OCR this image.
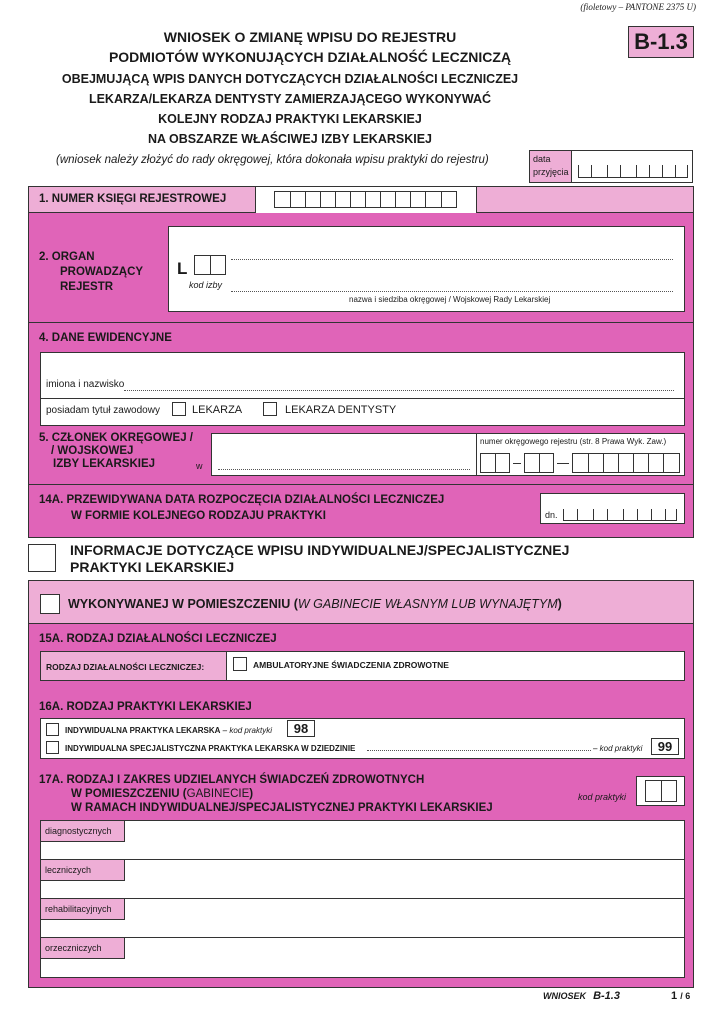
(fioletowy – PANTONE 2375 U)
B-1.3
WNIOSEK O ZMIANĘ WPISU DO REJESTRU
PODMIOTÓW WYKONUJĄCYCH DZIAŁALNOŚĆ LECZNICZĄ
OBEJMUJĄCĄ WPIS DANYCH DOTYCZĄCYCH DZIAŁALNOŚCI LECZNICZEJ
LEKARZA/LEKARZA DENTYSTY ZAMIERZAJĄCEGO WYKONYWAĆ
KOLEJNY RODZAJ PRAKTYKI LEKARSKIEJ
NA OBSZARZE WŁAŚCIWEJ IZBY LEKARSKIEJ
(wniosek należy złożyć do rady okręgowej, która dokonała wpisu praktyki do rejestru)	data
przyjęcia
1. NUMER KSIĘGI REJESTROWEJ
2. ORGAN
PROWADZĄCY
REJESTR
L
kod izby
nazwa i siedziba okręgowej / Wojskowej Rady Lekarskiej
4. DANE EWIDENCYJNE
imiona i nazwisko
posiadam tytuł zawodowy	LEKARZA	LEKARZA DENTYSTY
5. CZŁONEK OKRĘGOWEJ /
/ WOJSKOWEJ
IZBY LEKARSKIEJ	w
numer okręgowego rejestru (str. 8 Prawa Wyk. Zaw.)
14A. PRZEWIDYWANA DATA ROZPOCZĘCIA DZIAŁALNOŚCI LECZNICZEJ
W FORMIE KOLEJNEGO RODZAJU PRAKTYKI	dn.
INFORMACJE DOTYCZĄCE WPISU INDYWIDUALNEJ/SPECJALISTYCZNEJ
PRAKTYKI LEKARSKIEJ
WYKONYWANEJ W POMIESZCZENIU (W GABINECIE WŁASNYM LUB WYNAJĘTYM)
15A. RODZAJ DZIAŁALNOŚCI LECZNICZEJ
RODZAJ DZIAŁALNOŚCI LECZNICZEJ:	AMBULATORYJNE ŚWIADCZENIA ZDROWOTNE
16A. RODZAJ PRAKTYKI LEKARSKIEJ
INDYWIDUALNA PRAKTYKA LEKARSKA – kod praktyki	98
INDYWIDUALNA SPECJALISTYCZNA PRAKTYKA LEKARSKA W DZIEDZINIE	– kod praktyki	99
17A. RODZAJ I ZAKRES UDZIELANYCH ŚWIADCZEŃ ZDROWOTNYCH
W POMIESZCZENIU (GABINECIE)
W RAMACH INDYWIDUALNEJ/SPECJALISTYCZNEJ PRAKTYKI LEKARSKIEJ
kod praktyki
diagnostycznych
leczniczych
rehabilitacyjnych
orzeczniczych
WNIOSEK B-1.3	1 / 6
